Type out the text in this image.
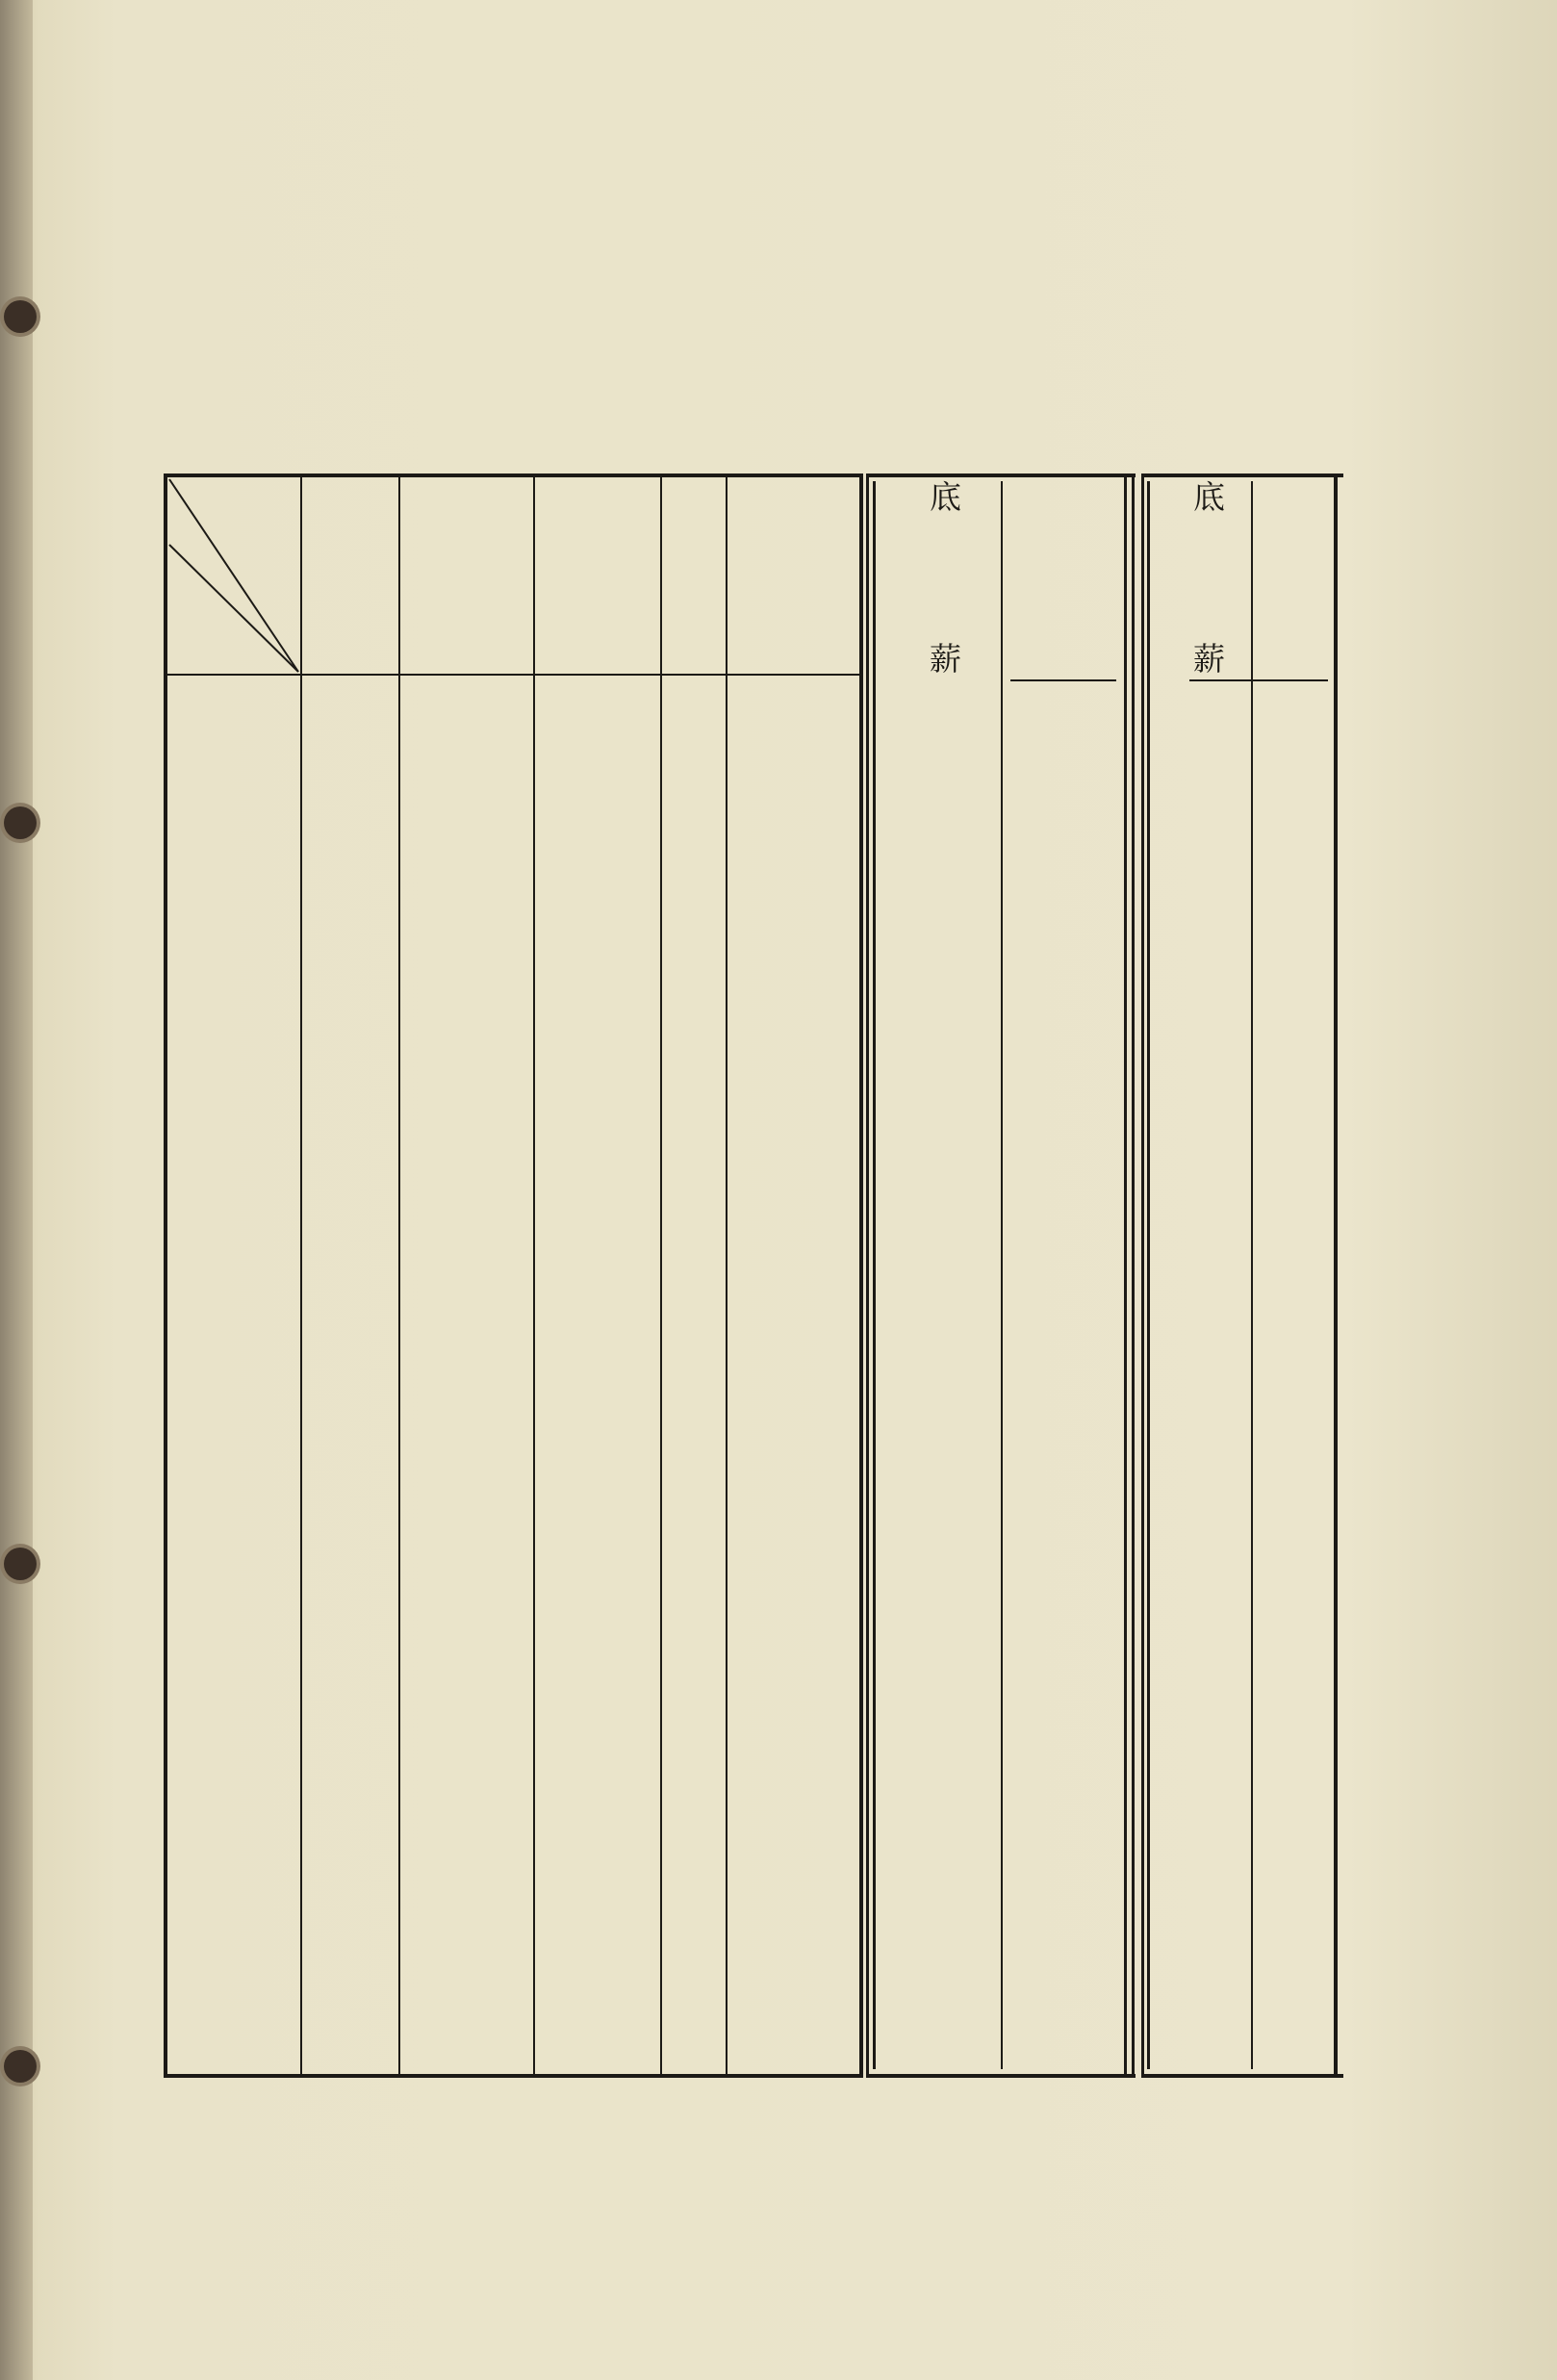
底
薪
底
薪
